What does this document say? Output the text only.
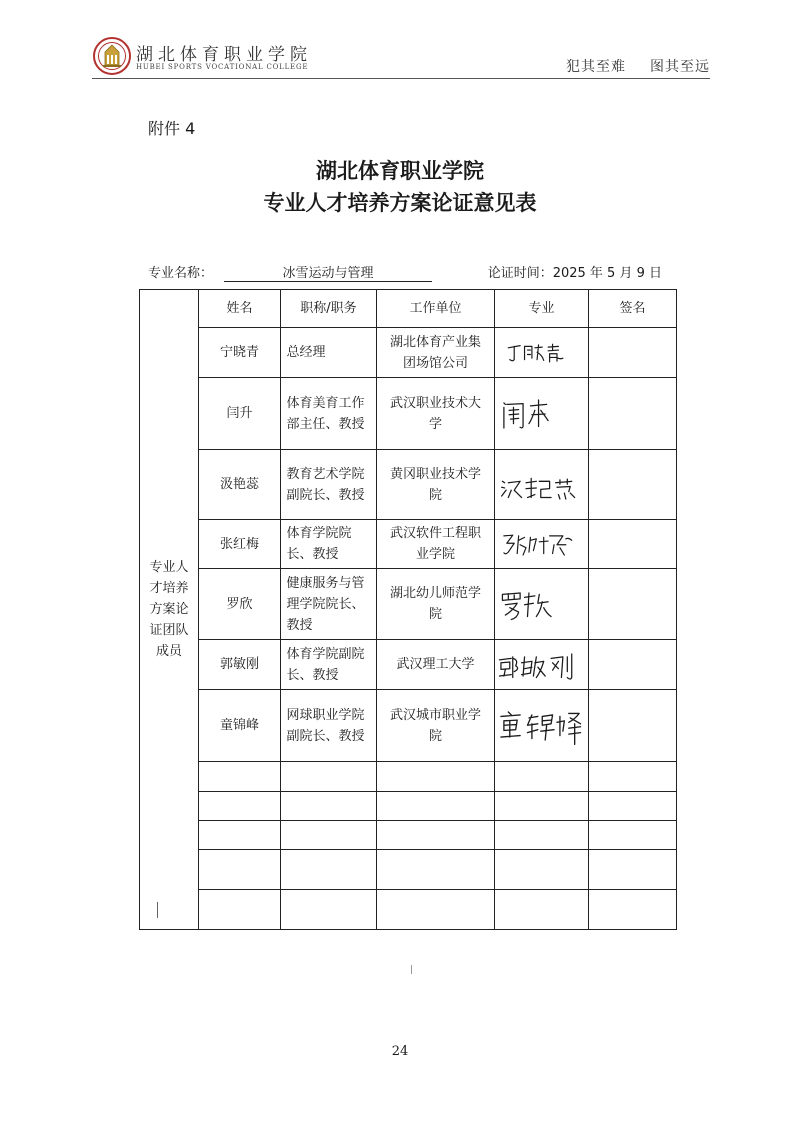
湖北体育职业学院
HUBEI SPORTS VOCATIONAL COLLEGE	犯其至难 图其至远
附件 4
湖北体育职业学院
专业人才培养方案论证意见表
专业名称：	冰雪运动与管理	论证时间：2025 年 5 月 9 日
专业人才培养方案论证团队成员	姓名	职称/职务	工作单位	专业	签名
	宁晓青	总经理	湖北体育产业集团场馆公司	

	闫升	体育美育工作部主任、教授	武汉职业技术大学	

	汲艳蕊	教育艺术学院副院长、教授	黄冈职业技术学院	

	张红梅	体育学院院长、教授	武汉软件工程职业学院	

	罗欣	健康服务与管理学院院长、教授	湖北幼儿师范学院	

	郭敏刚	体育学院副院长、教授	武汉理工大学	

	童锦峰	网球职业学院副院长、教授	武汉城市职业学院	

24
